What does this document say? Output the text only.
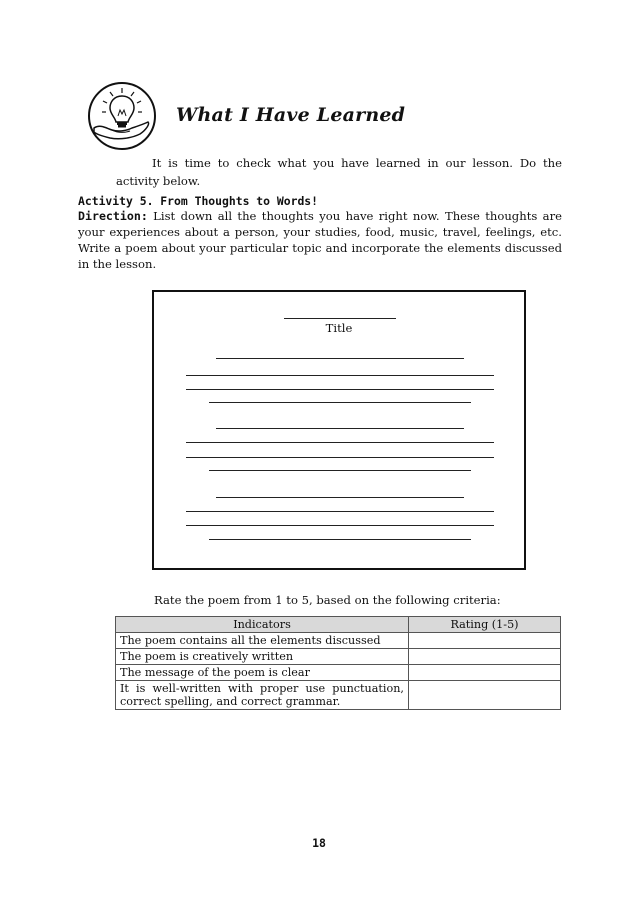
What I Have Learned

It is time to check what you have learned in our lesson. Do the activity below.

Activity 5. From Thoughts to Words!

Direction: List down all the thoughts you have right now. These thoughts are your experiences about a person, your studies, food, music, travel, feelings, etc. Write a poem about your particular topic and incorporate the elements discussed in the lesson.

Title

Rate the poem from 1 to 5, based on the following criteria:

Indicators	Rating (1-5)
The poem contains all the elements discussed	
The poem is creatively written	
The message of the poem is clear	
It is well-written with proper use punctuation, correct spelling, and correct grammar.	
18
